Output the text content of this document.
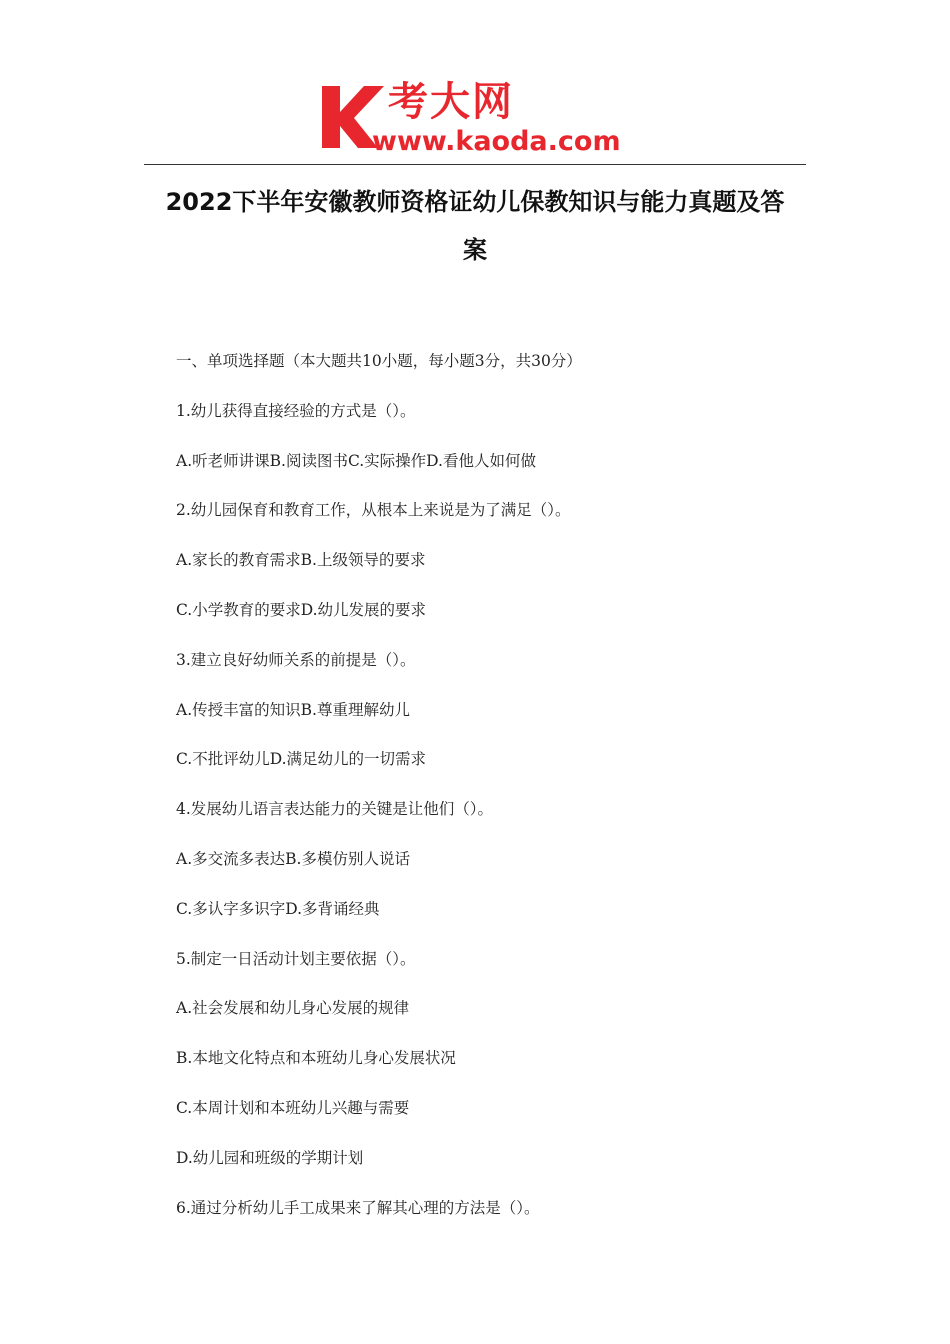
考大网
www.kaoda.com
2022下半年安徽教师资格证幼儿保教知识与能力真题及答
案
一、单项选择题（本大题共10小题，每小题3分，共30分）
1.幼儿获得直接经验的方式是（）。
A.听老师讲课B.阅读图书C.实际操作D.看他人如何做
2.幼儿园保育和教育工作，从根本上来说是为了满足（）。
A.家长的教育需求B.上级领导的要求
C.小学教育的要求D.幼儿发展的要求
3.建立良好幼师关系的前提是（）。
A.传授丰富的知识B.尊重理解幼儿
C.不批评幼儿D.满足幼儿的一切需求
4.发展幼儿语言表达能力的关键是让他们（）。
A.多交流多表达B.多模仿别人说话
C.多认字多识字D.多背诵经典
5.制定一日活动计划主要依据（）。
A.社会发展和幼儿身心发展的规律
B.本地文化特点和本班幼儿身心发展状况
C.本周计划和本班幼儿兴趣与需要
D.幼儿园和班级的学期计划
6.通过分析幼儿手工成果来了解其心理的方法是（）。
